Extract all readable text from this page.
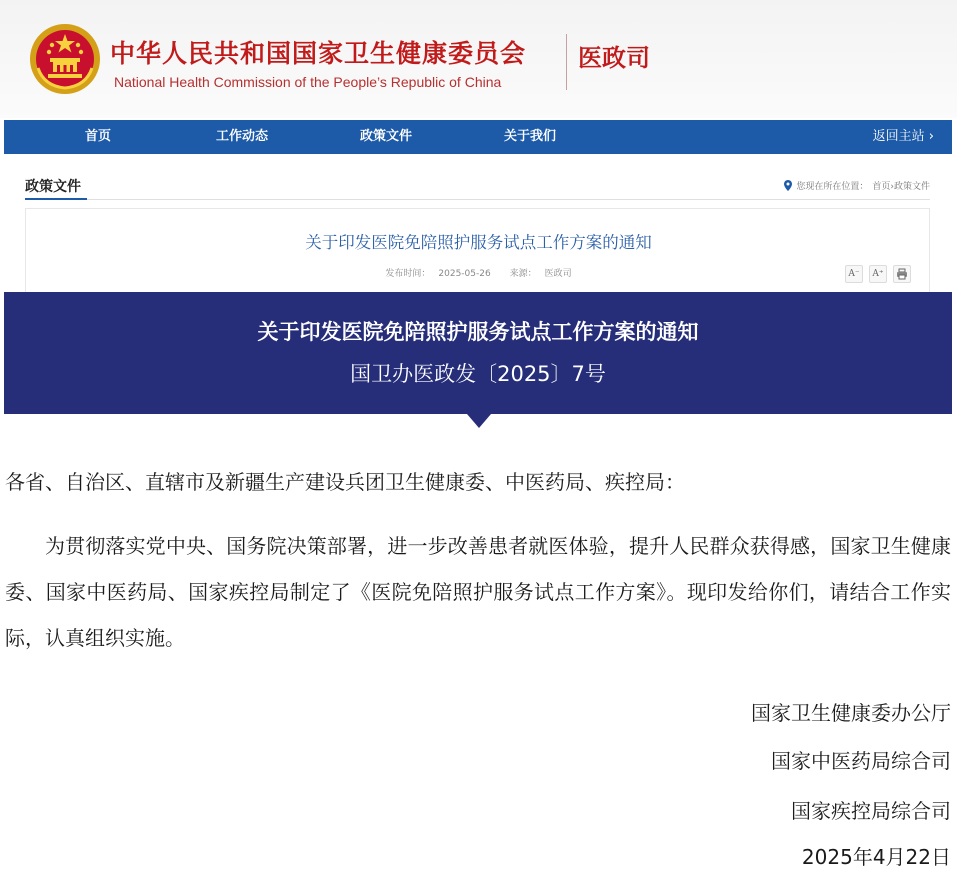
中华人民共和国国家卫生健康委员会
National Health Commission of the People’s Republic of China
医政司
首页	工作动态	政策文件	关于我们	返回主站 ›
政策文件	您现在所在位置： 首页›政策文件
关于印发医院免陪照护服务试点工作方案的通知
发布时间： 2025-05-26 来源： 医政司	A⁻	A⁺
关于印发医院免陪照护服务试点工作方案的通知
国卫办医政发〔2025〕7号
各省、自治区、直辖市及新疆生产建设兵团卫生健康委、中医药局、疾控局：
为贯彻落实党中央、国务院决策部署，进一步改善患者就医体验，提升人民群众获得感，国家卫生健康委、国家中医药局、国家疾控局制定了《医院免陪照护服务试点工作方案》。现印发给你们，请结合工作实际，认真组织实施。
国家卫生健康委办公厅
国家中医药局综合司
国家疾控局综合司
2025年4月22日
